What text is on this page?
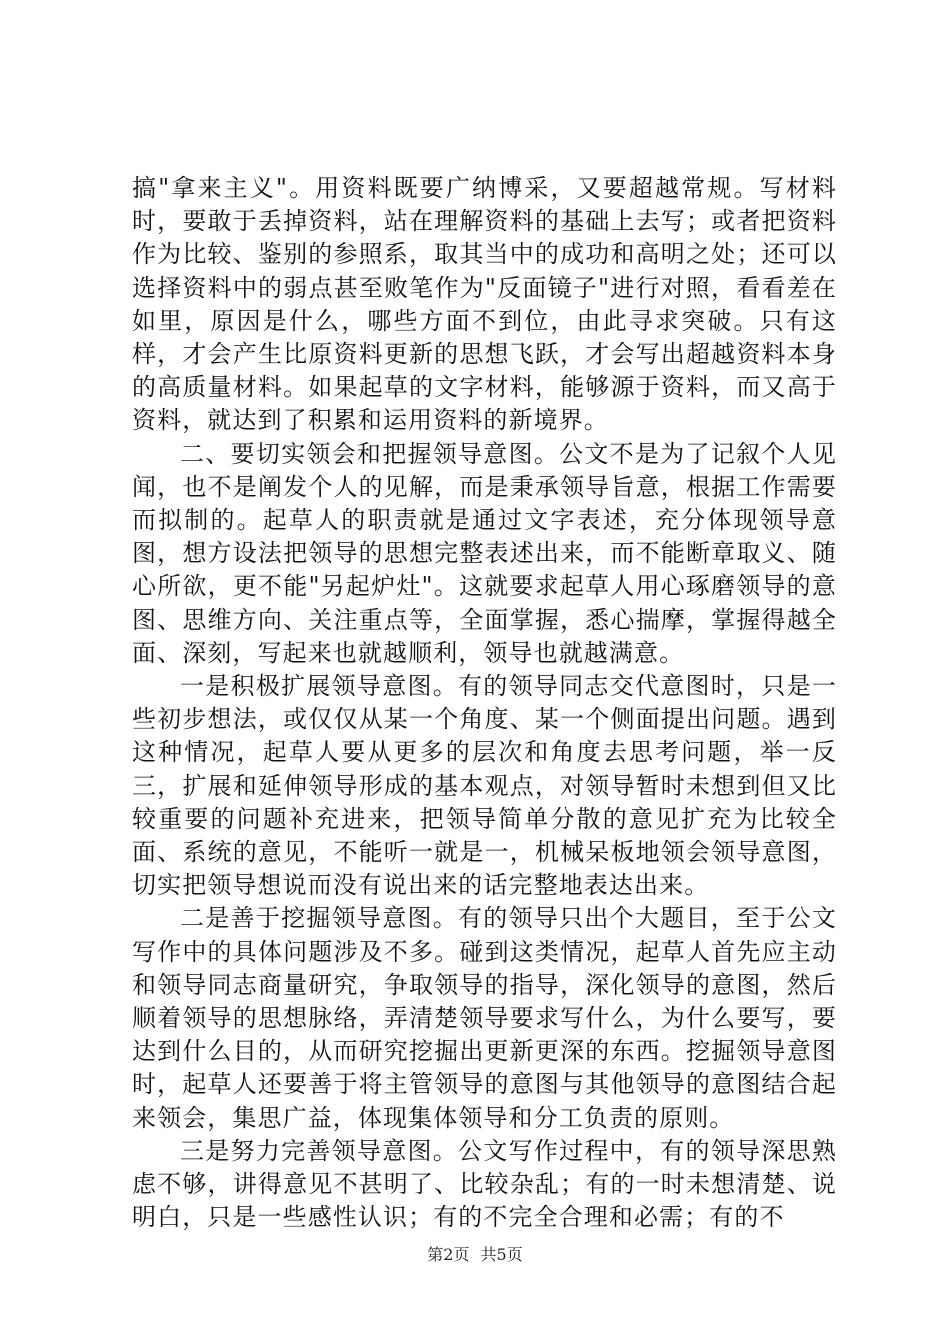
搞"拿来主义"。用资料既要广纳博采，又要超越常规。写材料时，要敢于丢掉资料，站在理解资料的基础上去写；或者把资料作为比较、鉴别的参照系，取其当中的成功和高明之处；还可以选择资料中的弱点甚至败笔作为"反面镜子"进行对照，看看差在如里，原因是什么，哪些方面不到位，由此寻求突破。只有这样，才会产生比原资料更新的思想飞跃，才会写出超越资料本身的高质量材料。如果起草的文字材料，能够源于资料，而又高于资料，就达到了积累和运用资料的新境界。

二、要切实领会和把握领导意图。公文不是为了记叙个人见闻，也不是阐发个人的见解，而是秉承领导旨意，根据工作需要而拟制的。起草人的职责就是通过文字表述，充分体现领导意图，想方设法把领导的思想完整表述出来，而不能断章取义、随心所欲，更不能"另起炉灶"。这就要求起草人用心琢磨领导的意图、思维方向、关注重点等，全面掌握，悉心揣摩，掌握得越全面、深刻，写起来也就越顺利，领导也就越满意。

一是积极扩展领导意图。有的领导同志交代意图时，只是一些初步想法，或仅仅从某一个角度、某一个侧面提出问题。遇到这种情况，起草人要从更多的层次和角度去思考问题，举一反三，扩展和延伸领导形成的基本观点，对领导暂时未想到但又比较重要的问题补充进来，把领导简单分散的意见扩充为比较全面、系统的意见，不能听一就是一，机械呆板地领会领导意图，切实把领导想说而没有说出来的话完整地表达出来。

二是善于挖掘领导意图。有的领导只出个大题目，至于公文写作中的具体问题涉及不多。碰到这类情况，起草人首先应主动和领导同志商量研究，争取领导的指导，深化领导的意图，然后顺着领导的思想脉络，弄清楚领导要求写什么，为什么要写，要达到什么目的，从而研究挖掘出更新更深的东西。挖掘领导意图时，起草人还要善于将主管领导的意图与其他领导的意图结合起来领会，集思广益，体现集体领导和分工负责的原则。

三是努力完善领导意图。公文写作过程中，有的领导深思熟虑不够，讲得意见不甚明了、比较杂乱；有的一时未想清楚、说明白，只是一些感性认识；有的不完全合理和必需；有的不

第2页 共5页
